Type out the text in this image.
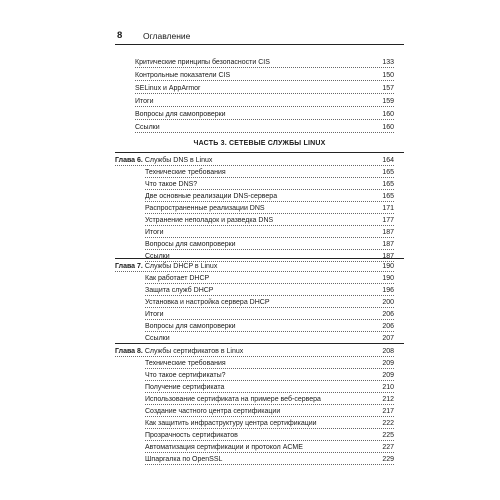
8 Оглавление
Критические принципы безопасности CIS	133
Контрольные показатели CIS	150
SELinux и AppArmor	157
Итоги	159
Вопросы для самопроверки	160
Ссылки	160
ЧАСТЬ 3. СЕТЕВЫЕ СЛУЖБЫ LINUX
Глава 6. Службы DNS в Linux	164
Технические требования	165
Что такое DNS?	165
Две основные реализации DNS-сервера	165
Распространенные реализации DNS	171
Устранение неполадок и разведка DNS	177
Итоги	187
Вопросы для самопроверки	187
Ссылки	187
Глава 7. Службы DHCP в Linux	190
Как работает DHCP	190
Защита служб DHCP	196
Установка и настройка сервера DHCP	200
Итоги	206
Вопросы для самопроверки	206
Ссылки	207
Глава 8. Службы сертификатов в Linux	208
Технические требования	209
Что такое сертификаты?	209
Получение сертификата	210
Использование сертификата на примере веб-сервера	212
Создание частного центра сертификации	217
Как защитить инфраструктуру центра сертификации	222
Прозрачность сертификатов	225
Автоматизация сертификации и протокол ACME	227
Шпаргалка по OpenSSL	229
